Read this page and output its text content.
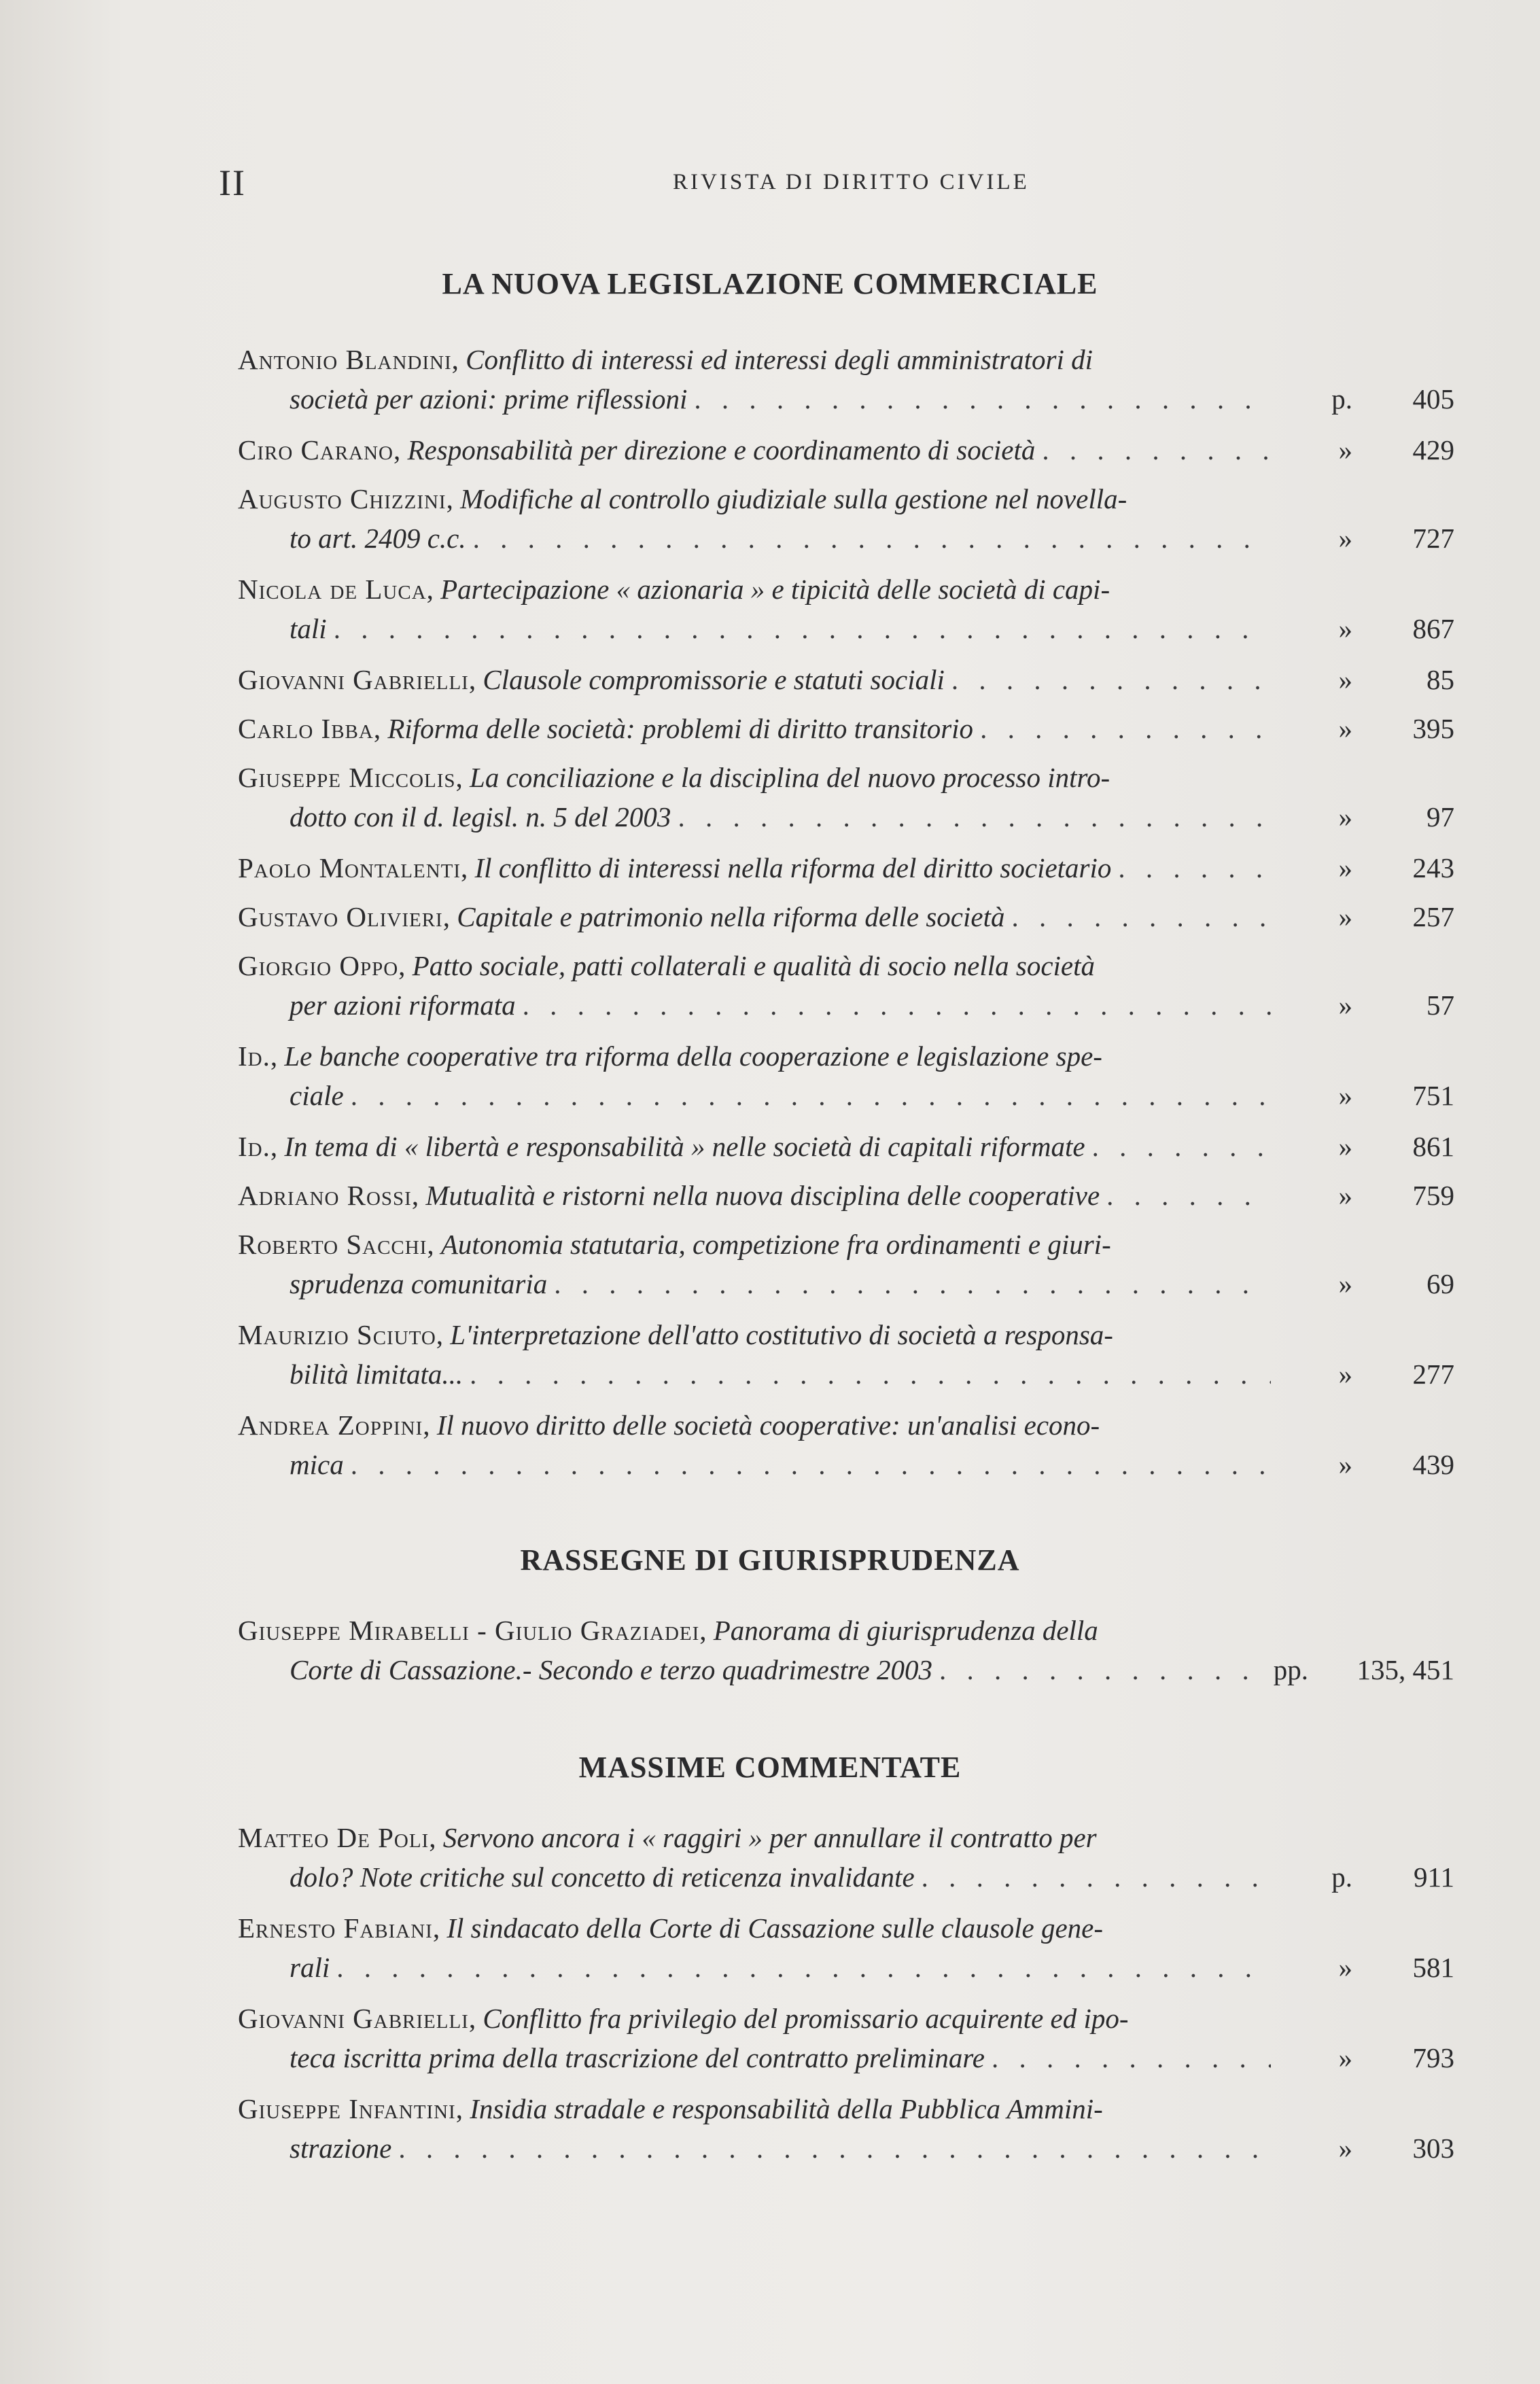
II	RIVISTA DI DIRITTO CIVILE
LA NUOVA LEGISLAZIONE COMMERCIALE
Antonio Blandini, Conflitto di interessi ed interessi degli amministratori di
società per azioni: prime riflessioni . . .	p.	405
Ciro Carano, Responsabilità per direzione e coordinamento di società . . .	»	429
Augusto Chizzini, Modifiche al controllo giudiziale sulla gestione nel novella-
to art. 2409 c.c. . . .	»	727
Nicola de Luca, Partecipazione « azionaria » e tipicità delle società di capi-
tali . . .	»	867
Giovanni Gabrielli, Clausole compromissorie e statuti sociali . . .	»	85
Carlo Ibba, Riforma delle società: problemi di diritto transitorio . . .	»	395
Giuseppe Miccolis, La conciliazione e la disciplina del nuovo processo intro-
dotto con il d. legisl. n. 5 del 2003 . . .	»	97
Paolo Montalenti, Il conflitto di interessi nella riforma del diritto societario . . .	»	243
Gustavo Olivieri, Capitale e patrimonio nella riforma delle società . . .	»	257
Giorgio Oppo, Patto sociale, patti collaterali e qualità di socio nella società
per azioni riformata . . .	»	57
Id., Le banche cooperative tra riforma della cooperazione e legislazione spe-
ciale . . .	»	751
Id., In tema di « libertà e responsabilità » nelle società di capitali riformate . . .	»	861
Adriano Rossi, Mutualità e ristorni nella nuova disciplina delle cooperative . . .	»	759
Roberto Sacchi, Autonomia statutaria, competizione fra ordinamenti e giuri-
sprudenza comunitaria . . .	»	69
Maurizio Sciuto, L'interpretazione dell'atto costitutivo di società a responsa-
bilità limitata... . . .	»	277
Andrea Zoppini, Il nuovo diritto delle società cooperative: un'analisi econo-
mica . . .	»	439
RASSEGNE DI GIURISPRUDENZA
Giuseppe Mirabelli - Giulio Graziadei, Panorama di giurisprudenza della
Corte di Cassazione.- Secondo e terzo quadrimestre 2003 . . .	pp.	135, 451
MASSIME COMMENTATE
Matteo De Poli, Servono ancora i « raggiri » per annullare il contratto per
dolo? Note critiche sul concetto di reticenza invalidante . . .	p.	911
Ernesto Fabiani, Il sindacato della Corte di Cassazione sulle clausole gene-
rali . . .	»	581
Giovanni Gabrielli, Conflitto fra privilegio del promissario acquirente ed ipo-
teca iscritta prima della trascrizione del contratto preliminare . . .	»	793
Giuseppe Infantini, Insidia stradale e responsabilità della Pubblica Ammini-
strazione . . .	»	303
